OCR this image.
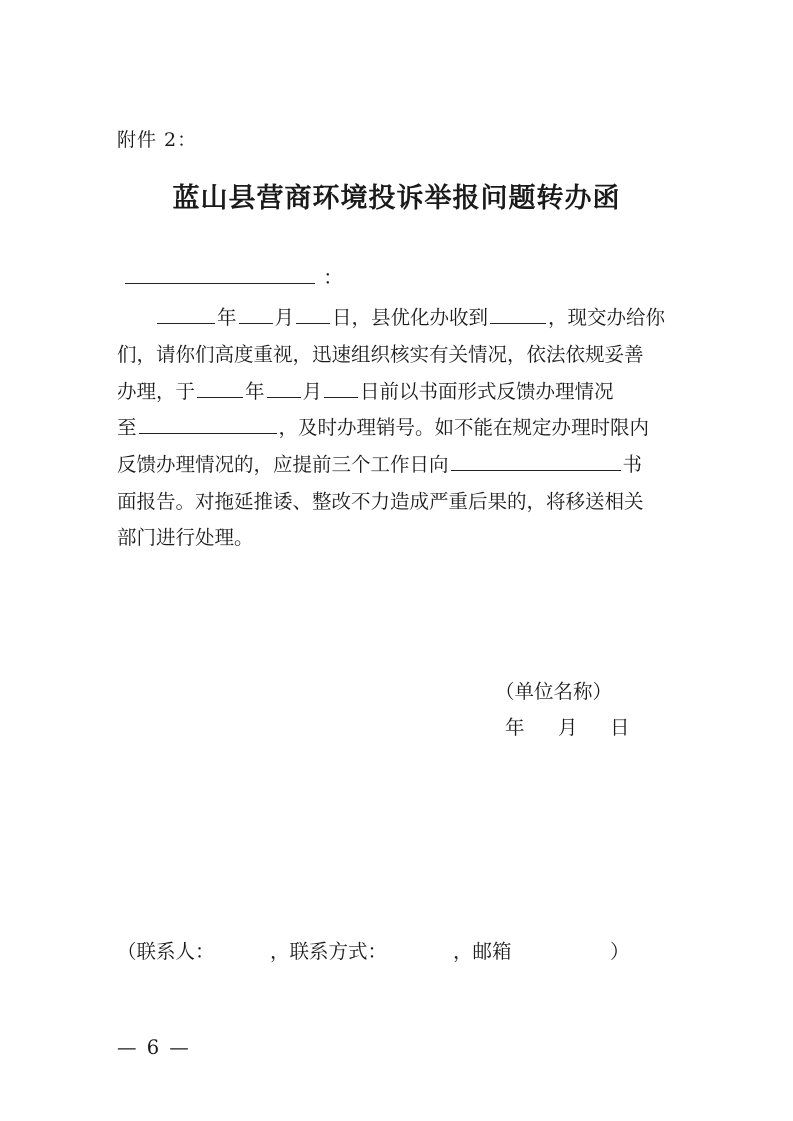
附件 2：
蓝山县营商环境投诉举报问题转办函
：
年 月 日，县优化办收到	，现交办给你
们，请你们高度重视，迅速组织核实有关情况，依法依规妥善
办理，于	年 月 日前以书面形式反馈办理情况
至	，及时办理销号。如不能在规定办理时限内
反馈办理情况的，应提前三个工作日向	书
面报告。对拖延推诿、整改不力造成严重后果的，将移送相关
部门进行处理。
（单位名称）
年 月 日
（联系人：	，联系方式：	，邮箱	）
— 6 —
